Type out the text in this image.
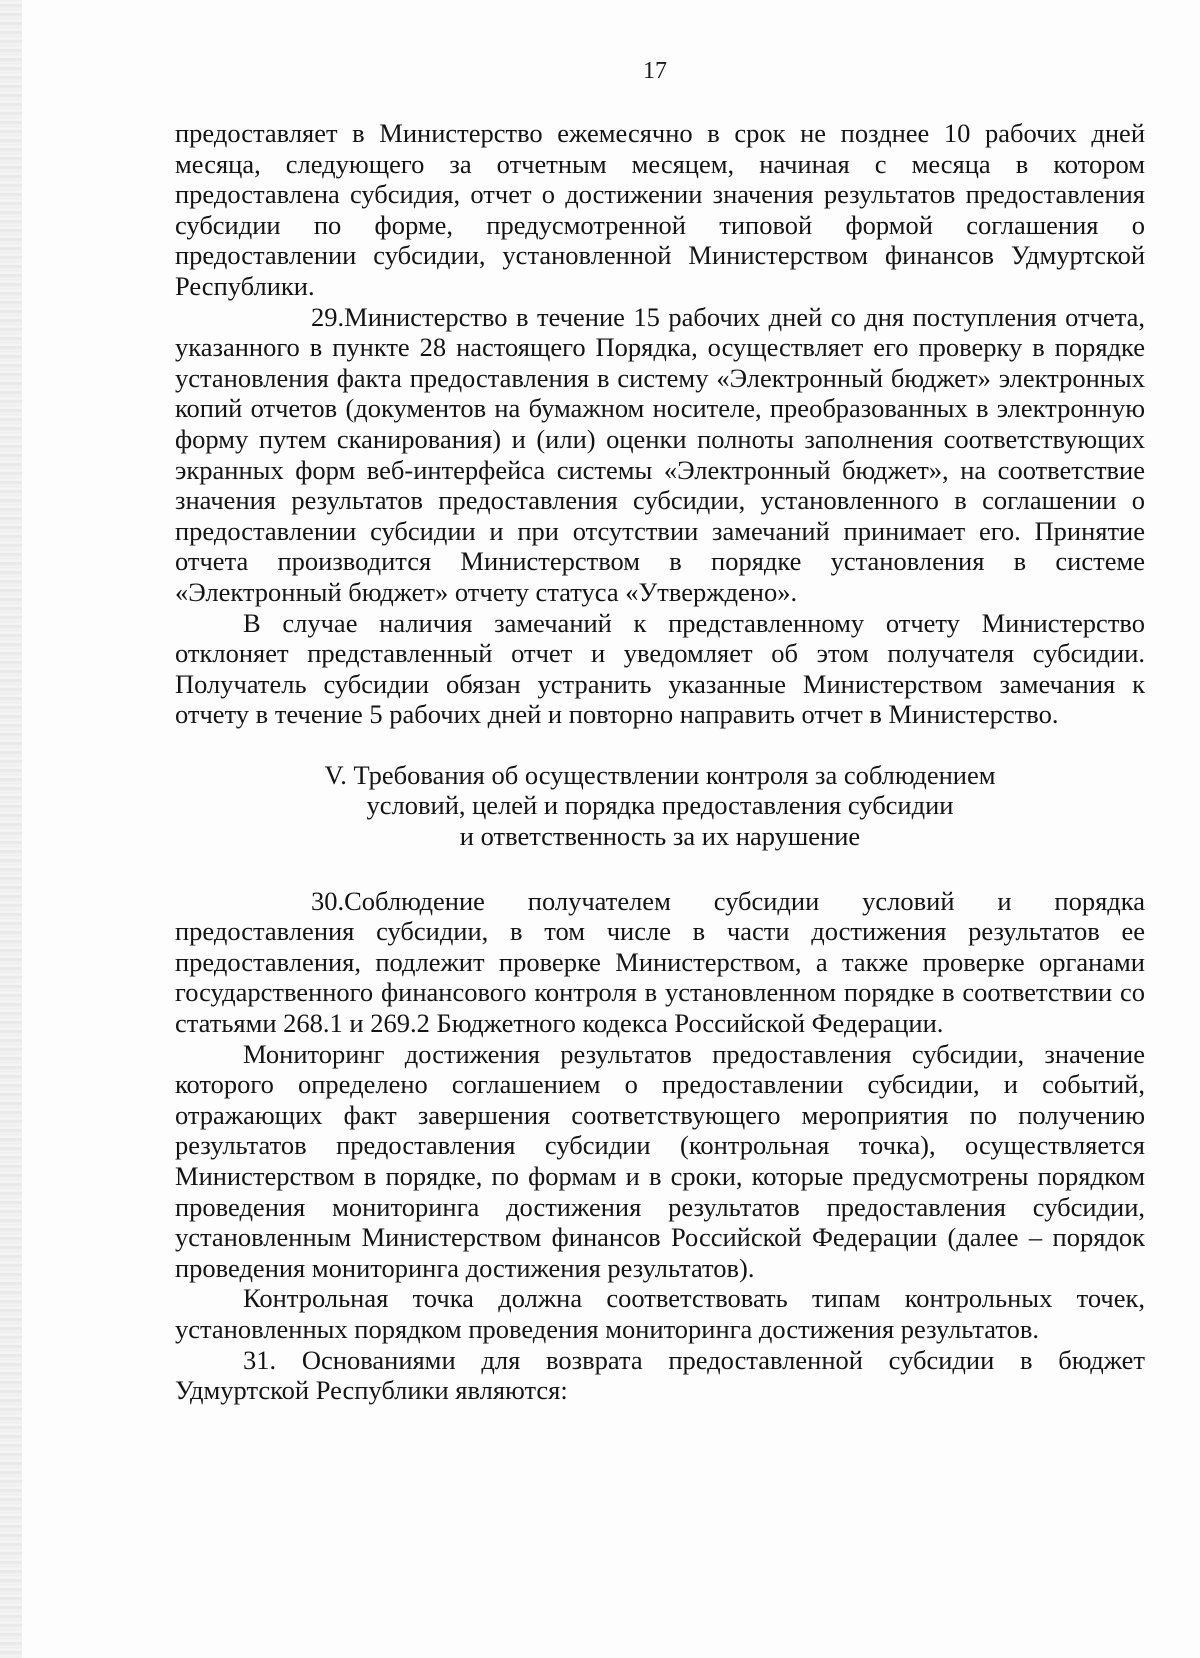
17

предоставляет в Министерство ежемесячно в срок не позднее 10 рабочих дней месяца, следующего за отчетным месяцем, начиная с месяца в котором предоставлена субсидия, отчет о достижении значения результатов предоставления субсидии по форме, предусмотренной типовой формой соглашения о предоставлении субсидии, установленной Министерством финансов Удмуртской Республики.

29.Министерство в течение 15 рабочих дней со дня поступления отчета, указанного в пункте 28 настоящего Порядка, осуществляет его проверку в порядке установления факта предоставления в систему «Электронный бюджет» электронных копий отчетов (документов на бумажном носителе, преобразованных в электронную форму путем сканирования) и (или) оценки полноты заполнения соответствующих экранных форм веб-интерфейса системы «Электронный бюджет», на соответствие значения результатов предоставления субсидии, установленного в соглашении о предоставлении субсидии и при отсутствии замечаний принимает его. Принятие отчета производится Министерством в порядке установления в системе «Электронный бюджет» отчету статуса «Утверждено».

В случае наличия замечаний к представленному отчету Министерство отклоняет представленный отчет и уведомляет об этом получателя субсидии. Получатель субсидии обязан устранить указанные Министерством замечания к отчету в течение 5 рабочих дней и повторно направить отчет в Министерство.

V. Требования об осуществлении контроля за соблюдением
условий, целей и порядка предоставления субсидии
и ответственность за их нарушение

30.Соблюдение получателем субсидии условий и порядка предоставления субсидии, в том числе в части достижения результатов ее предоставления, подлежит проверке Министерством, а также проверке органами государственного финансового контроля в установленном порядке в соответствии со статьями 268.1 и 269.2 Бюджетного кодекса Российской Федерации.

Мониторинг достижения результатов предоставления субсидии, значение которого определено соглашением о предоставлении субсидии, и событий, отражающих факт завершения соответствующего мероприятия по получению результатов предоставления субсидии (контрольная точка), осуществляется Министерством в порядке, по формам и в сроки, которые предусмотрены порядком проведения мониторинга достижения результатов предоставления субсидии, установленным Министерством финансов Российской Федерации (далее – порядок проведения мониторинга достижения результатов).

Контрольная точка должна соответствовать типам контрольных точек, установленных порядком проведения мониторинга достижения результатов.

31. Основаниями для возврата предоставленной субсидии в бюджет Удмуртской Республики являются:
